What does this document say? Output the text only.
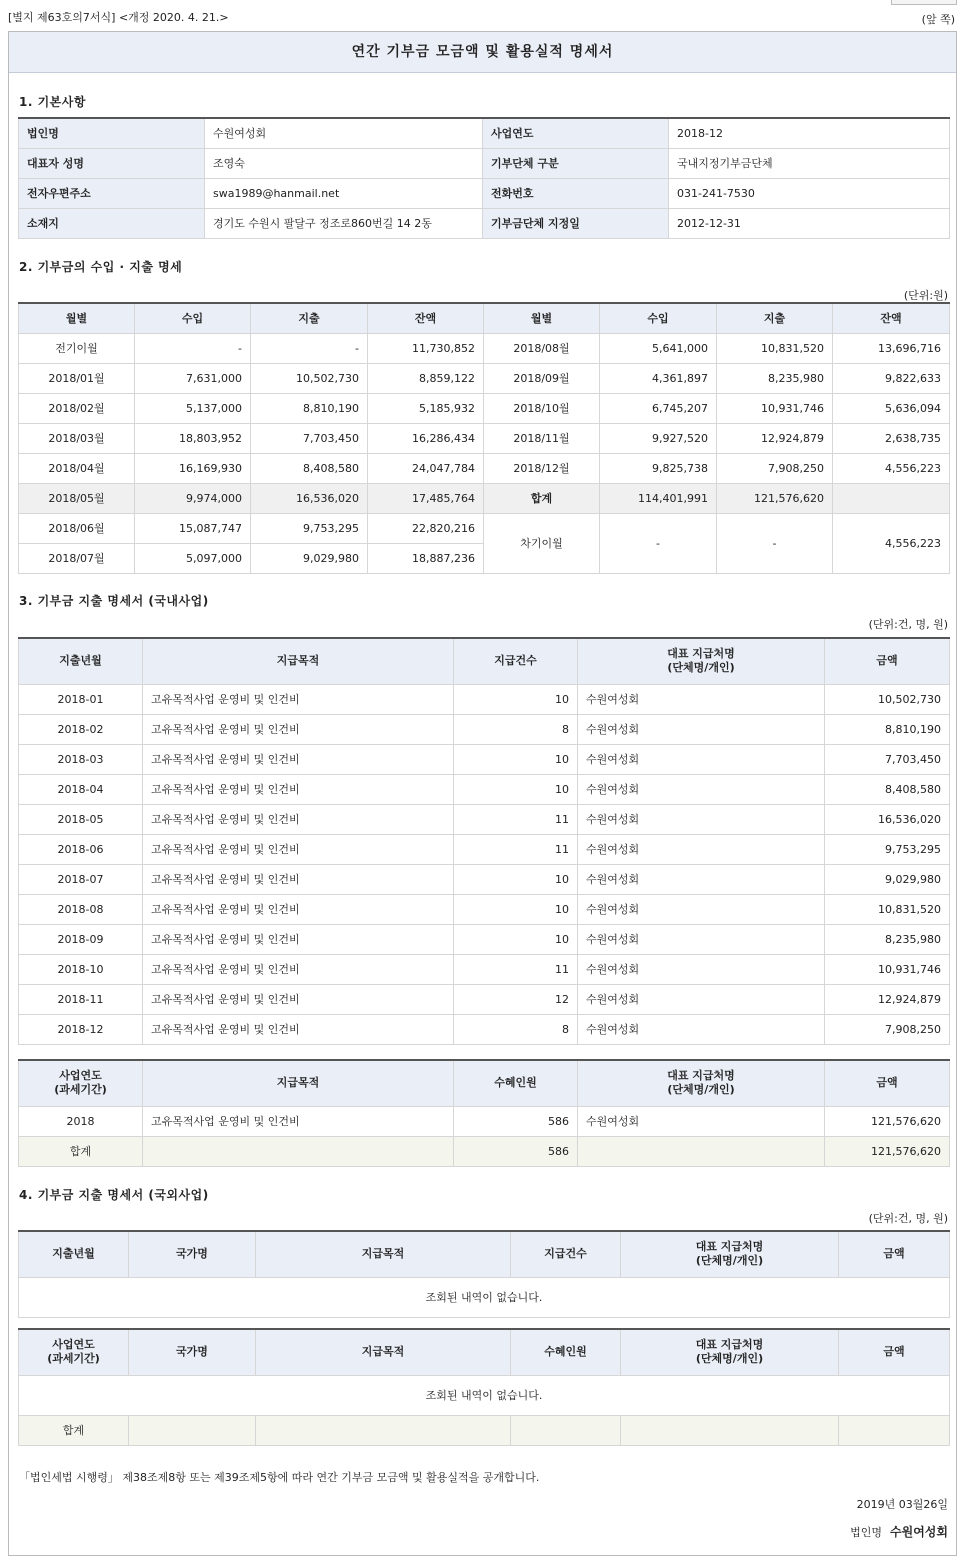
[별지 제63호의7서식] <개정 2020. 4. 21.>	(앞 쪽)
연간 기부금 모금액 및 활용실적 명세서
1. 기본사항
법인명	수원여성회	사업연도	2018-12
대표자 성명	조영숙	기부단체 구분	국내지정기부금단체
전자우편주소	swa1989@hanmail.net	전화번호	031-241-7530
소재지	경기도 수원시 팔달구 정조로860번길 14 2동	기부금단체 지정일	2012-12-31
2. 기부금의 수입 · 지출 명세
(단위:원)
월별	수입	지출	잔액	월별	수입	지출	잔액
전기이월	-	-	11,730,852	2018/08월	5,641,000	10,831,520	13,696,716
2018/01월	7,631,000	10,502,730	8,859,122	2018/09월	4,361,897	8,235,980	9,822,633
2018/02월	5,137,000	8,810,190	5,185,932	2018/10월	6,745,207	10,931,746	5,636,094
2018/03월	18,803,952	7,703,450	16,286,434	2018/11월	9,927,520	12,924,879	2,638,735
2018/04월	16,169,930	8,408,580	24,047,784	2018/12월	9,825,738	7,908,250	4,556,223
2018/05월	9,974,000	16,536,020	17,485,764	합계	114,401,991	121,576,620	
2018/06월	15,087,747	9,753,295	22,820,216	차기이월	-	-	4,556,223
2018/07월	5,097,000	9,029,980	18,887,236				
3. 기부금 지출 명세서 (국내사업)
(단위:건, 명, 원)
지출년월	지급목적	지급건수	대표 지급처명
(단체명/개인)	금액
2018-01	고유목적사업 운영비 및 인건비	10	수원여성회	10,502,730
2018-02	고유목적사업 운영비 및 인건비	8	수원여성회	8,810,190
2018-03	고유목적사업 운영비 및 인건비	10	수원여성회	7,703,450
2018-04	고유목적사업 운영비 및 인건비	10	수원여성회	8,408,580
2018-05	고유목적사업 운영비 및 인건비	11	수원여성회	16,536,020
2018-06	고유목적사업 운영비 및 인건비	11	수원여성회	9,753,295
2018-07	고유목적사업 운영비 및 인건비	10	수원여성회	9,029,980
2018-08	고유목적사업 운영비 및 인건비	10	수원여성회	10,831,520
2018-09	고유목적사업 운영비 및 인건비	10	수원여성회	8,235,980
2018-10	고유목적사업 운영비 및 인건비	11	수원여성회	10,931,746
2018-11	고유목적사업 운영비 및 인건비	12	수원여성회	12,924,879
2018-12	고유목적사업 운영비 및 인건비	8	수원여성회	7,908,250
사업연도
(과세기간)	지급목적	수혜인원	대표 지급처명
(단체명/개인)	금액
2018	고유목적사업 운영비 및 인건비	586	수원여성회	121,576,620
합계		586		121,576,620
4. 기부금 지출 명세서 (국외사업)
(단위:건, 명, 원)
지출년월	국가명	지급목적	지급건수	대표 지급처명
(단체명/개인)	금액
조회된 내역이 없습니다.
사업연도
(과세기간)	국가명	지급목적	수혜인원	대표 지급처명
(단체명/개인)	금액
조회된 내역이 없습니다.					
합계					
「법인세법 시행령」 제38조제8항 또는 제39조제5항에 따라 연간 기부금 모금액 및 활용실적을 공개합니다.
2019년 03월26일
법인명 수원여성회
